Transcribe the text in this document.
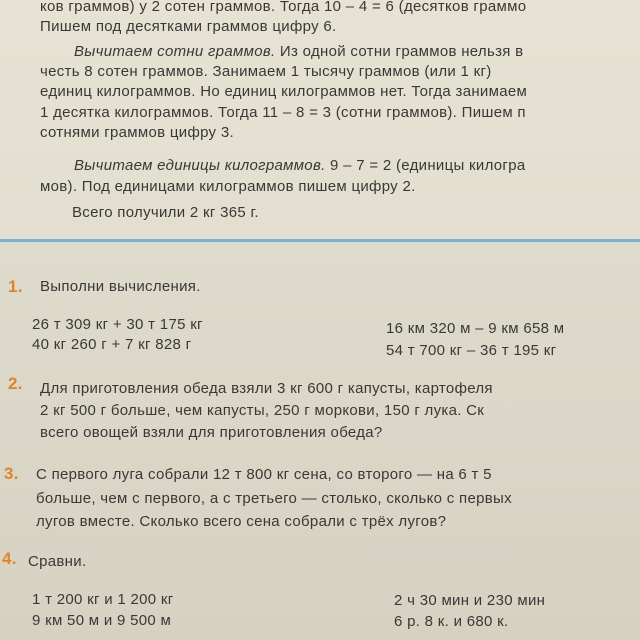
ков граммов) у 2 сотен граммов. Тогда 10 – 4 = 6 (десятков граммо
Пишем под десятками граммов цифру 6.
Вычитаем сотни граммов. Из одной сотни граммов нельзя в
честь 8 сотен граммов. Занимаем 1 тысячу граммов (или 1 кг)
единиц килограммов. Но единиц килограммов нет. Тогда занимаем
1 десятка килограммов. Тогда 11 – 8 = 3 (сотни граммов). Пишем п
сотнями граммов цифру 3.
Вычитаем единицы килограммов. 9 – 7 = 2 (единицы килогра
мов). Под единицами килограммов пишем цифру 2.
Всего получили 2 кг 365 г.
1. Выполни вычисления.
26 т 309 кг + 30 т 175 кг
40 кг 260 г + 7 кг 828 г
16 км 320 м – 9 км 658 м
54 т 700 кг – 36 т 195 кг
2. Для приготовления обеда взяли 3 кг 600 г капусты, картофеля
2 кг 500 г больше, чем капусты, 250 г моркови, 150 г лука. Ск
всего овощей взяли для приготовления обеда?
3. С первого луга собрали 12 т 800 кг сена, со второго — на 6 т 5
больше, чем с первого, а с третьего — столько, сколько с первых
лугов вместе. Сколько всего сена собрали с трёх лугов?
4. Сравни.
1 т 200 кг и 1 200 кг
9 км 50 м и 9 500 м
2 ч 30 мин и 230 мин
6 р. 8 к. и 680 к.
